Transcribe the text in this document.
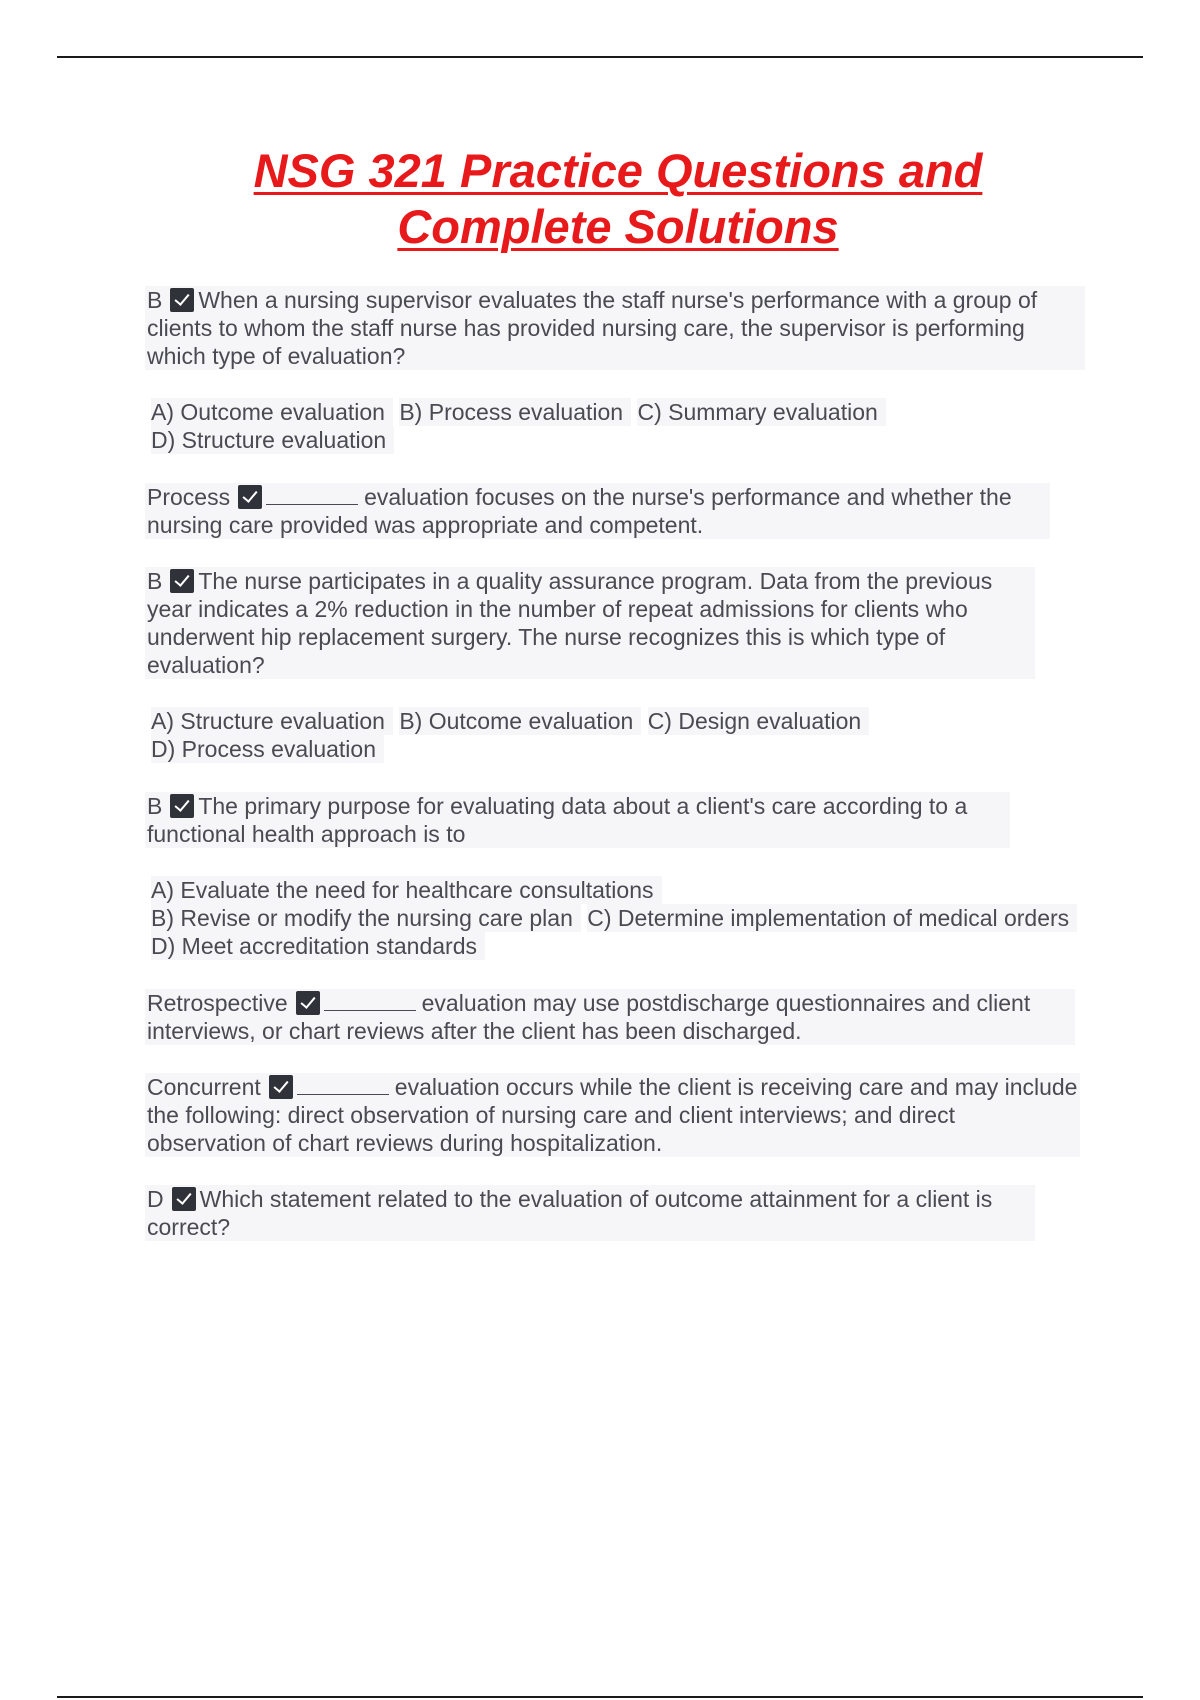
NSG 321 Practice Questions and
Complete Solutions
B When a nursing supervisor evaluates the staff nurse's performance with a group of clients to whom the staff nurse has provided nursing care, the supervisor is performing which type of evaluation?
A) Outcome evaluation B) Process evaluation C) Summary evaluation D) Structure evaluation
Process	evaluation focuses on the nurse's performance and whether the nursing care provided was appropriate and competent.
B The nurse participates in a quality assurance program. Data from the previous year indicates a 2% reduction in the number of repeat admissions for clients who underwent hip replacement surgery. The nurse recognizes this is which type of evaluation?
A) Structure evaluation B) Outcome evaluation C) Design evaluation D) Process evaluation
B The primary purpose for evaluating data about a client's care according to a functional health approach is to
A) Evaluate the need for healthcare consultations B) Revise or modify the nursing care plan C) Determine implementation of medical orders D) Meet accreditation standards
Retrospective	evaluation may use postdischarge questionnaires and client interviews, or chart reviews after the client has been discharged.
Concurrent	evaluation occurs while the client is receiving care and may include the following: direct observation of nursing care and client interviews; and direct observation of chart reviews during hospitalization.
D Which statement related to the evaluation of outcome attainment for a client is correct?
